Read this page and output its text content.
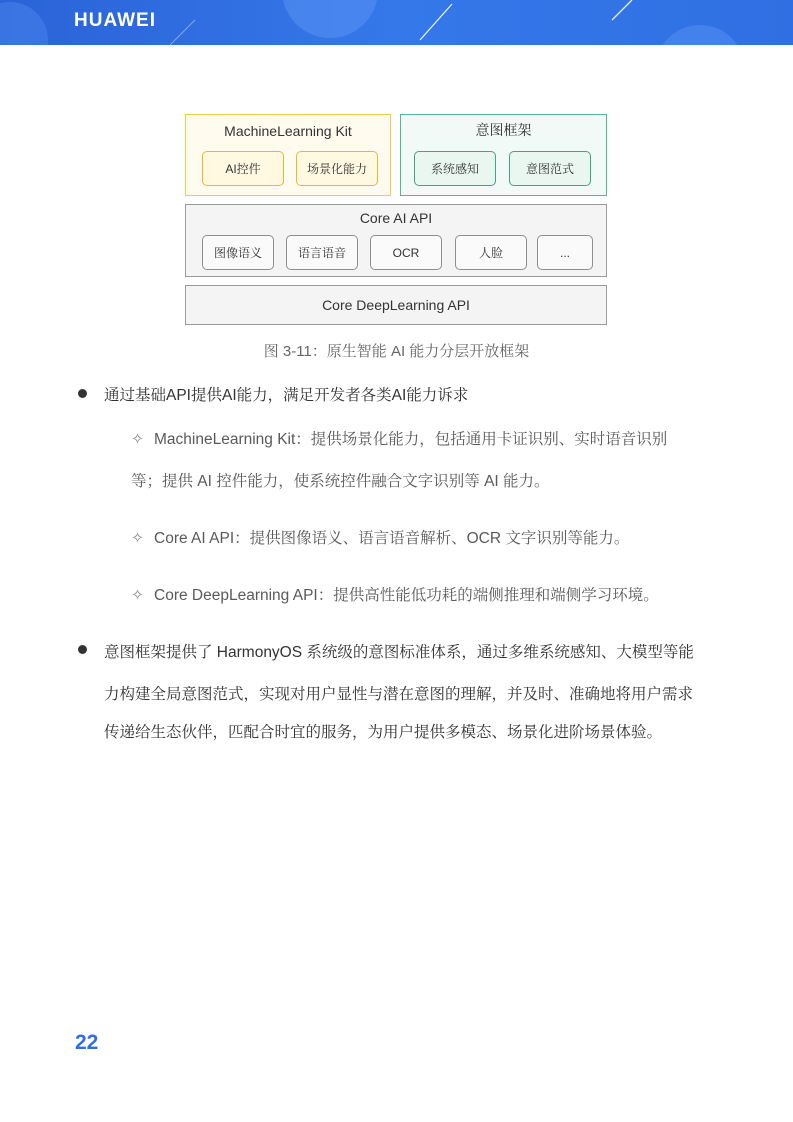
HUAWEI
MachineLearning Kit
AI控件	场景化能力
意图框架
系统感知	意图范式
Core AI API
图像语义	语言语音	OCR	人脸	...
Core DeepLearning API
图 3-11：原生智能 AI 能力分层开放框架
通过基础API提供AI能力，满足开发者各类AI能力诉求
✧ MachineLearning Kit：提供场景化能力，包括通用卡证识别、实时语音识别
等；提供 AI 控件能力，使系统控件融合文字识别等 AI 能力。
✧ Core AI API：提供图像语义、语言语音解析、OCR 文字识别等能力。
✧ Core DeepLearning API：提供高性能低功耗的端侧推理和端侧学习环境。
意图框架提供了 HarmonyOS 系统级的意图标准体系，通过多维系统感知、大模型等能
力构建全局意图范式，实现对用户显性与潜在意图的理解，并及时、准确地将用户需求
传递给生态伙伴，匹配合时宜的服务，为用户提供多模态、场景化进阶场景体验。
22
